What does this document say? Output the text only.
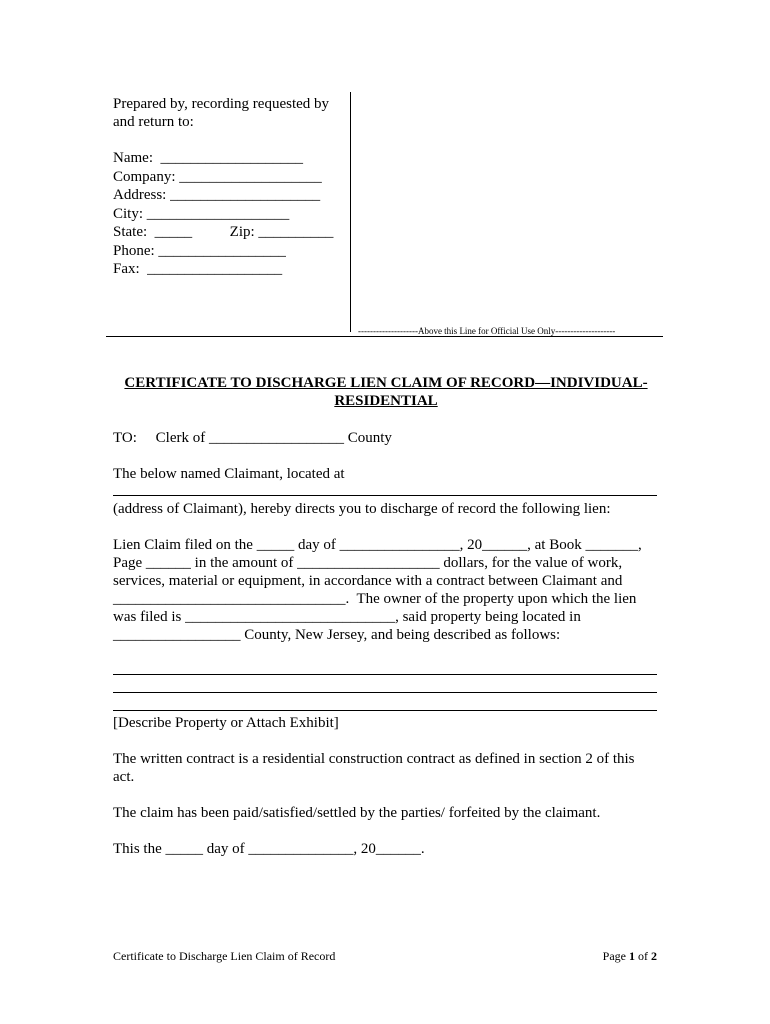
Prepared by, recording requested by
and return to:
Name:  ___________________
Company: ___________________
Address: ____________________
City: ___________________
State:  _____          Zip: __________
Phone: _________________
Fax:  __________________
--------------------Above this Line for Official Use Only--------------------
CERTIFICATE TO DISCHARGE LIEN CLAIM OF RECORD—INDIVIDUAL-
RESIDENTIAL
TO:     Clerk of __________________ County
The below named Claimant, located at
(address of Claimant), hereby directs you to discharge of record the following lien:
Lien Claim filed on the _____ day of ________________, 20______, at Book _______,
Page ______ in the amount of ___________________ dollars, for the value of work,
services, material or equipment, in accordance with a contract between Claimant and
_______________________________.  The owner of the property upon which the lien
was filed is ____________________________, said property being located in
_________________ County, New Jersey, and being described as follows:
[Describe Property or Attach Exhibit]
The written contract is a residential construction contract as defined in section 2 of this
act.
The claim has been paid/satisfied/settled by the parties/ forfeited by the claimant.
This the _____ day of ______________, 20______.
Certificate to Discharge Lien Claim of Record	Page 1 of 2
